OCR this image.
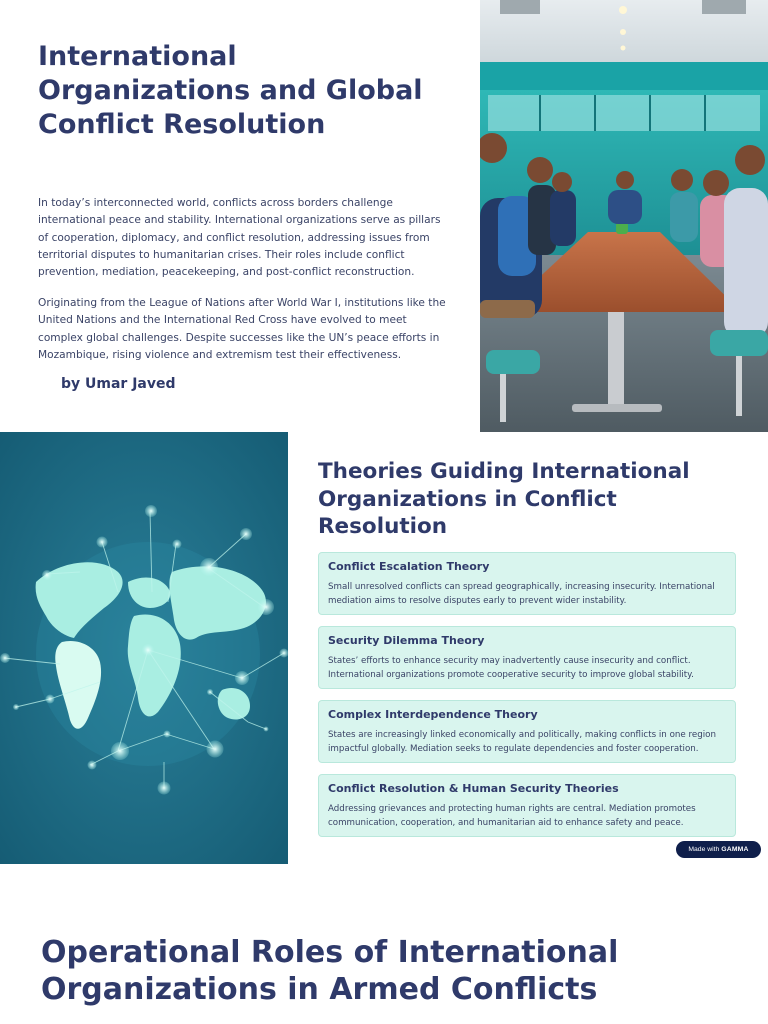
International Organizations and Global Conflict Resolution

In today’s interconnected world, conflicts across borders challenge international peace and stability. International organizations serve as pillars of cooperation, diplomacy, and conflict resolution, addressing issues from territorial disputes to humanitarian crises. Their roles include conflict prevention, mediation, peacekeeping, and post-conflict reconstruction.

Originating from the League of Nations after World War I, institutions like the United Nations and the International Red Cross have evolved to meet complex global challenges. Despite successes like the UN’s peace efforts in Mozambique, rising violence and extremism test their effectiveness.

by Umar Javed
Theories Guiding International Organizations in Conflict Resolution
Conflict Escalation Theory

Small unresolved conflicts can spread geographically, increasing insecurity. International mediation aims to resolve disputes early to prevent wider instability.

Security Dilemma Theory

States’ efforts to enhance security may inadvertently cause insecurity and conflict. International organizations promote cooperative security to improve global stability.

Complex Interdependence Theory

States are increasingly linked economically and politically, making conflicts in one region impactful globally. Mediation seeks to regulate dependencies and foster cooperation.

Conflict Resolution & Human Security Theories

Addressing grievances and protecting human rights are central. Mediation promotes communication, cooperation, and humanitarian aid to enhance safety and peace.

Made with GAMMA
Operational Roles of International Organizations in Armed Conflicts
